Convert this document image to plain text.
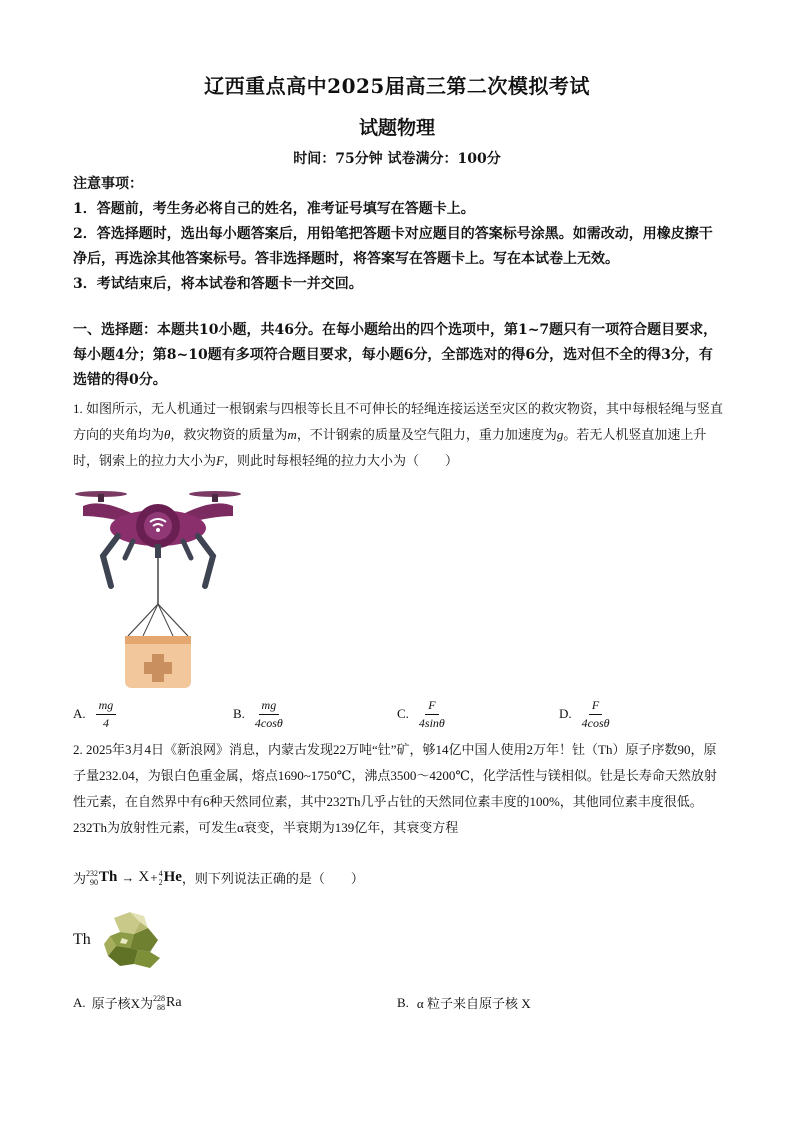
辽西重点高中2025届高三第二次模拟考试
试题物理
时间：75分钟 试卷满分：100分

注意事项：

1．答题前，考生务必将自己的姓名，准考证号填写在答题卡上。

2．答选择题时，选出每小题答案后，用铅笔把答题卡对应题目的答案标号涂黑。如需改动，用橡皮擦干净后，再选涂其他答案标号。答非选择题时，将答案写在答题卡上。写在本试卷上无效。

3．考试结束后，将本试卷和答题卡一并交回。

一、选择题：本题共10小题，共46分。在每小题给出的四个选项中，第1~7题只有一项符合题目要求，每小题4分；第8~10题有多项符合题目要求，每小题6分，全部选对的得6分，选对但不全的得3分，有选错的得0分。
1. 如图所示，无人机通过一根钢索与四根等长且不可伸长的轻绳连接运送至灾区的救灾物资，其中每根轻绳与竖直方向的夹角均为θ，救灾物资的质量为m，不计钢索的质量及空气阻力，重力加速度为g。若无人机竖直加速上升时，钢索上的拉力大小为F，则此时每根轻绳的拉力大小为（　　）
A. $\frac{mg}{4}$	B. $\frac{mg}{4\cos\theta}$	C. $\frac{F}{4\sin\theta}$	D. $\frac{F}{4\cos\theta}$
2. 2025年3月4日《新浪网》消息，内蒙古发现22万吨“钍”矿，够14亿中国人使用2万年！钍（Th）原子序数90，原子量232.04，为银白色重金属，熔点1690~1750℃，沸点3500～4200℃，化学活性与镁相似。钍是长寿命天然放射性元素，在自然界中有6种天然同位素，其中232Th几乎占钍的天然同位素丰度的100%，其他同位素丰度很低。232Th为放射性元素，可发生α衰变，半衰期为139亿年，其衰变方程
为 232
90 Th → X + 4
2 He ，则下列说法正确的是（　　）
Th
A. 原子核X为 228
88 Ra	B. α 粒子来自原子核 X
